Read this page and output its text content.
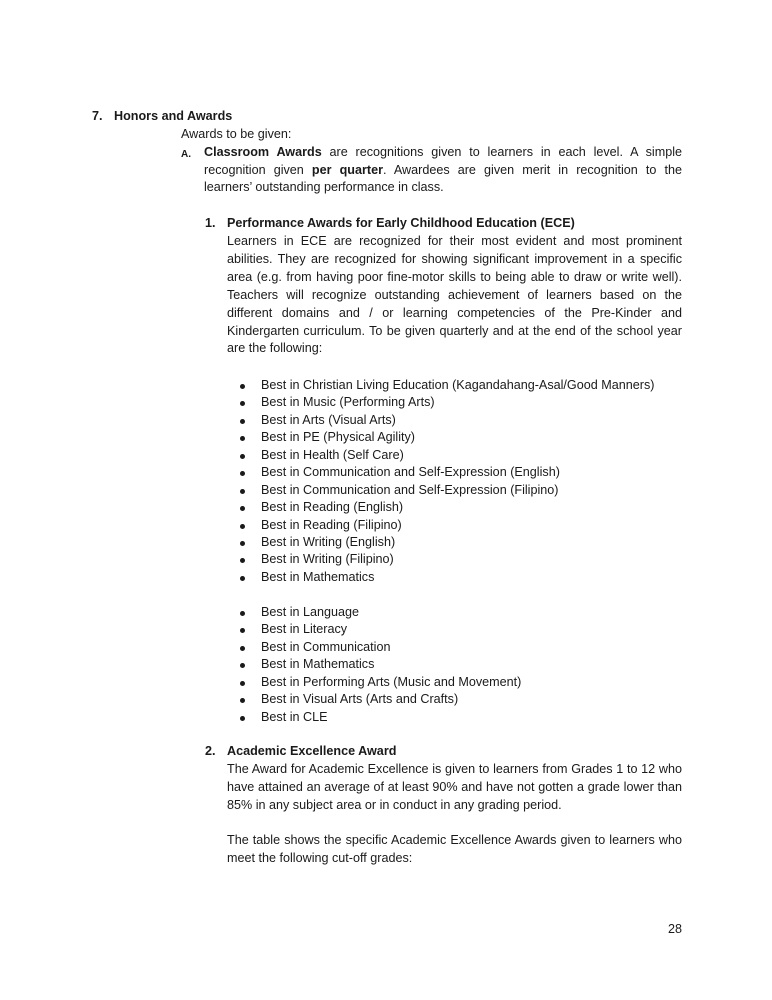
7. Honors and Awards
Awards to be given:
A. Classroom Awards are recognitions given to learners in each level. A simple recognition given per quarter. Awardees are given merit in recognition to the learners’ outstanding performance in class.

1. Performance Awards for Early Childhood Education (ECE)

Learners in ECE are recognized for their most evident and most prominent abilities. They are recognized for showing significant improvement in a specific area (e.g. from having poor fine-motor skills to being able to draw or write well). Teachers will recognize outstanding achievement of learners based on the different domains and / or learning competencies of the Pre-Kinder and Kindergarten curriculum. To be given quarterly and at the end of the school year are the following:

Best in Christian Living Education (Kagandahang-Asal/Good Manners)
Best in Music (Performing Arts)
Best in Arts (Visual Arts)
Best in PE (Physical Agility)
Best in Health (Self Care)
Best in Communication and Self-Expression (English)
Best in Communication and Self-Expression (Filipino)
Best in Reading (English)
Best in Reading (Filipino)
Best in Writing (English)
Best in Writing (Filipino)
Best in Mathematics
Best in Language
Best in Literacy
Best in Communication
Best in Mathematics
Best in Performing Arts (Music and Movement)
Best in Visual Arts (Arts and Crafts)
Best in CLE
2. Academic Excellence Award

The Award for Academic Excellence is given to learners from Grades 1 to 12 who have attained an average of at least 90% and have not gotten a grade lower than 85% in any subject area or in conduct in any grading period.

The table shows the specific Academic Excellence Awards given to learners who meet the following cut-off grades:

28
